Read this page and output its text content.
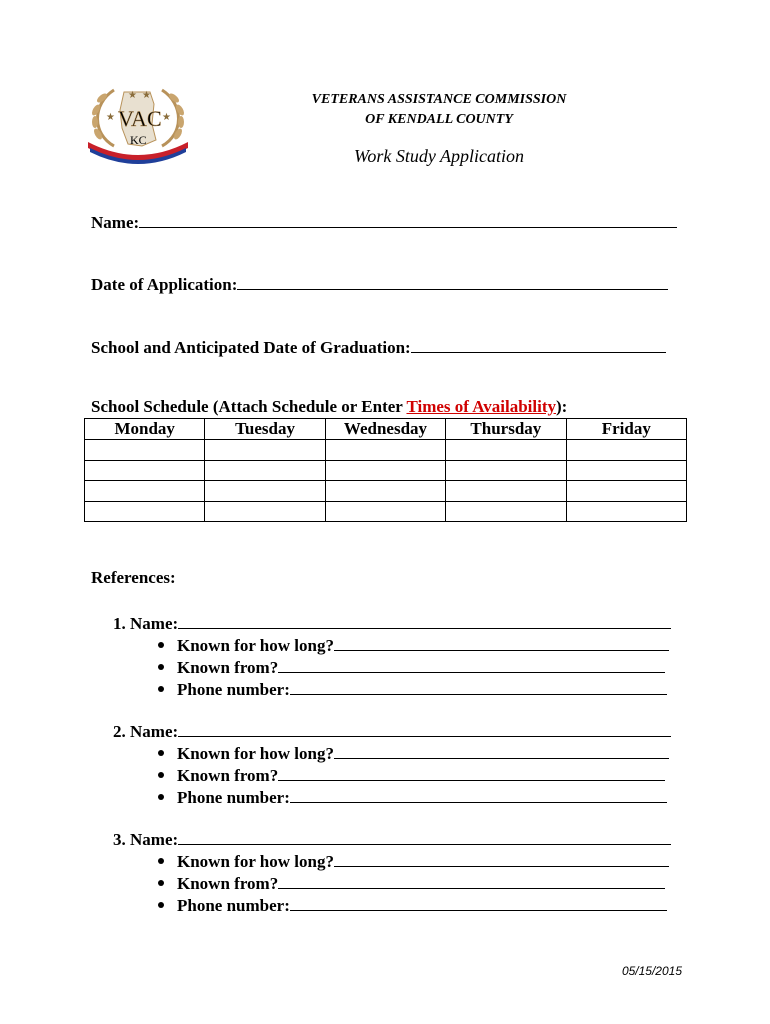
★	★
★ ★
VAC
KC
VETERANS ASSISTANCE COMMISSION
OF KENDALL COUNTY
Work Study Application
Name:
Date of Application:
School and Anticipated Date of Graduation:
School Schedule (Attach Schedule or Enter Times of Availability):
Monday	Tuesday	Wednesday	Thursday	Friday

References:
1. Name:
Known for how long?
Known from?
Phone number:
2. Name:
Known for how long?
Known from?
Phone number:
3. Name:
Known for how long?
Known from?
Phone number:
05/15/2015
